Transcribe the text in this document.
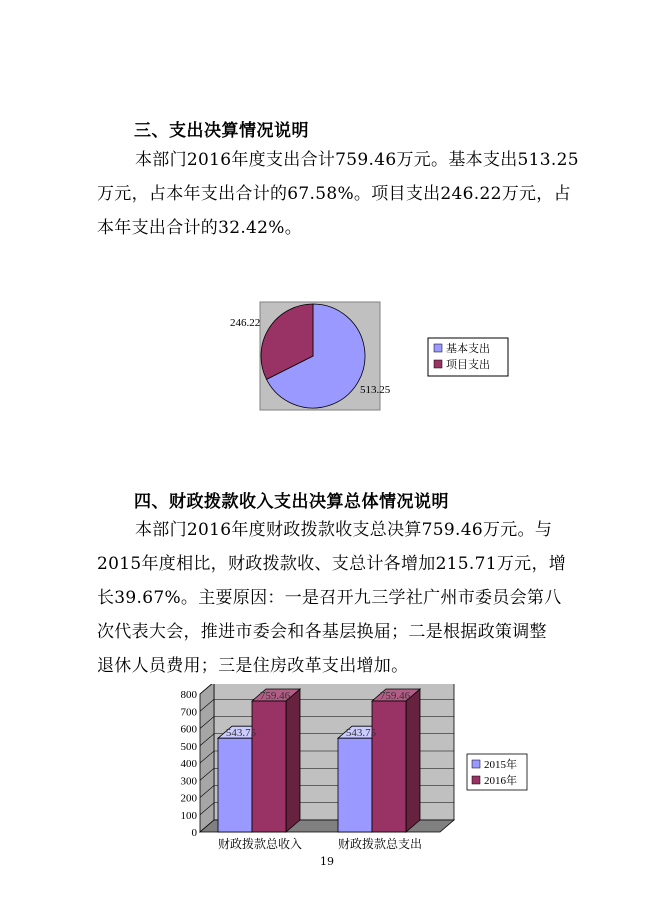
三、支出决算情况说明
本部门2016年度支出合计759.46万元。基本支出513.25
万元，占本年支出合计的67.58%。项目支出246.22万元，占
本年支出合计的32.42%。
246.22
513.25
基本支出
项目支出
四、财政拨款收入支出决算总体情况说明
本部门2016年度财政拨款收支总决算759.46万元。与
2015年度相比，财政拨款收、支总计各增加215.71万元，增
长39.67%。主要原因：一是召开九三学社广州市委员会第八
次代表大会，推进市委会和各基层换届；二是根据政策调整
退休人员费用；三是住房改革支出增加。
0
100
200
300
400
500
600
700
800
543.75
759.46
543.75
759.46
财政拨款总收入	财政拨款总支出
2015年
2016年
19
